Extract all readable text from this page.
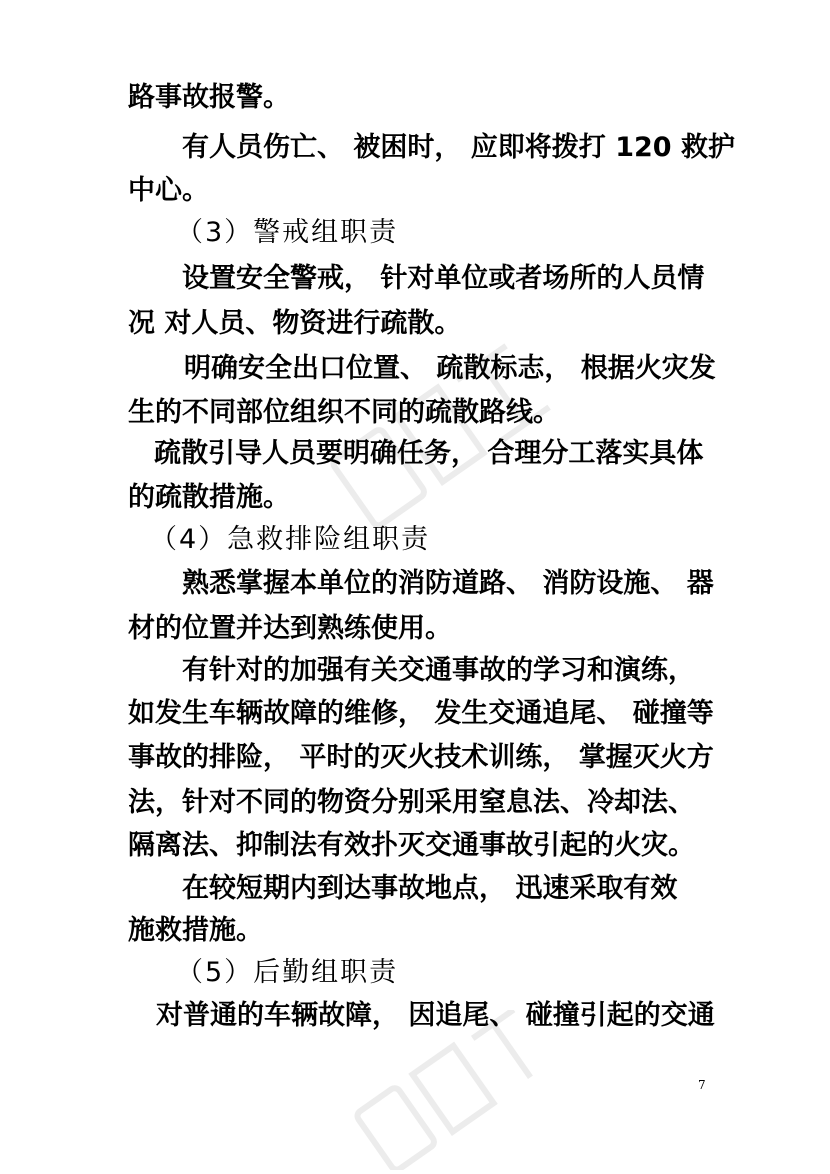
路事故报警。
有人员伤亡、 被困时， 应即将拨打 120 救护
中心。
（3）警戒组职责
设置安全警戒， 针对单位或者场所的人员情
况 对人员、物资进行疏散。
明确安全出口位置、 疏散标志， 根据火灾发
生的不同部位组织不同的疏散路线。
疏散引导人员要明确任务， 合理分工落实具体
的疏散措施。
（4）急救排险组职责
熟悉掌握本单位的消防道路、 消防设施、 器
材的位置并达到熟练使用。
有针对的加强有关交通事故的学习和演练，
如发生车辆故障的维修， 发生交通追尾、 碰撞等
事故的排险， 平时的灭火技术训练， 掌握灭火方
法，针对不同的物资分别采用窒息法、冷却法、
隔离法、抑制法有效扑灭交通事故引起的火灾。
在较短期内到达事故地点， 迅速采取有效
施救措施。
（5）后勤组职责
对普通的车辆故障， 因追尾、 碰撞引起的交通
7
